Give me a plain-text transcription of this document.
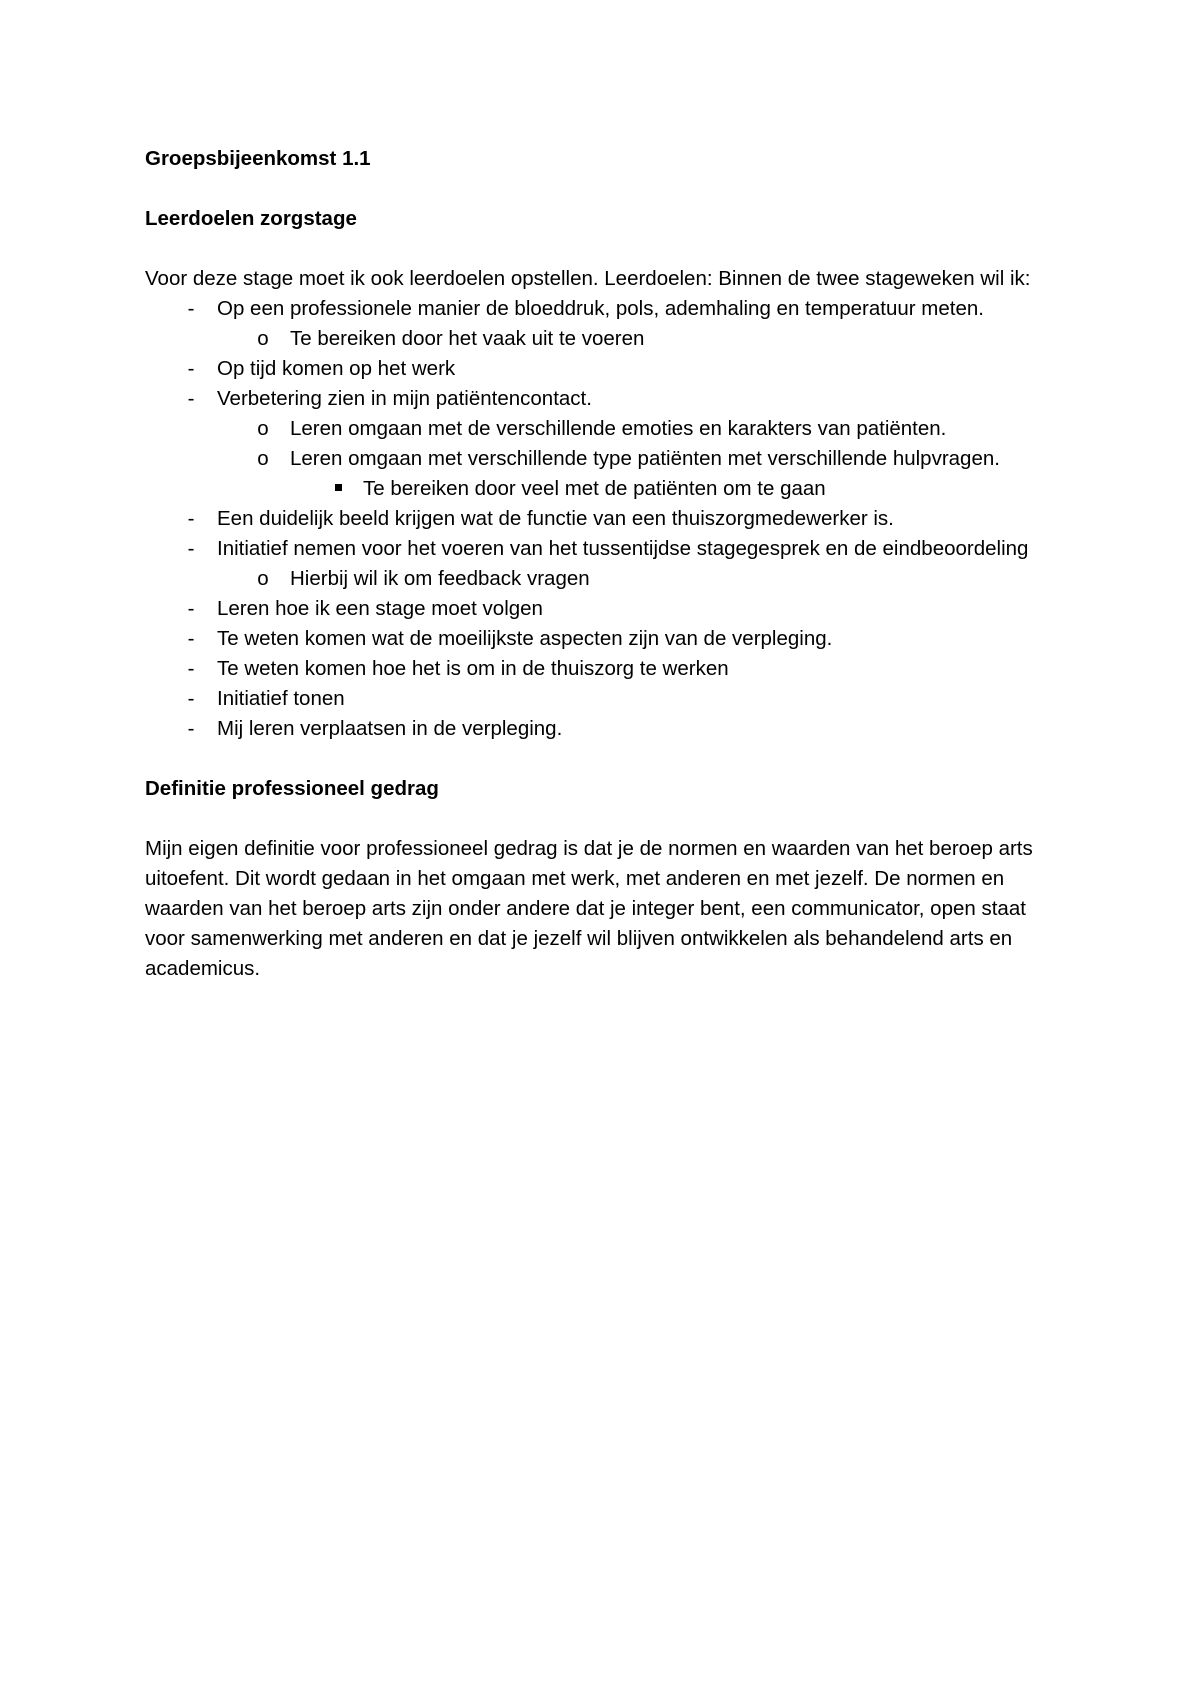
Groepsbijeenkomst 1.1

Leerdoelen zorgstage

Voor deze stage moet ik ook leerdoelen opstellen. Leerdoelen: Binnen de twee stageweken wil ik:

-	Op een professionele manier de bloeddruk, pols, ademhaling en temperatuur meten.
o Te bereiken door het vaak uit te voeren
-	Op tijd komen op het werk
-	Verbetering zien in mijn patiëntencontact.
o Leren omgaan met de verschillende emoties en karakters van patiënten.
o Leren omgaan met verschillende type patiënten met verschillende hulpvragen.
Te bereiken door veel met de patiënten om te gaan
-	Een duidelijk beeld krijgen wat de functie van een thuiszorgmedewerker is.
-	Initiatief nemen voor het voeren van het tussentijdse stagegesprek en de eindbeoordeling
o Hierbij wil ik om feedback vragen
-	Leren hoe ik een stage moet volgen
-	Te weten komen wat de moeilijkste aspecten zijn van de verpleging.
-	Te weten komen hoe het is om in de thuiszorg te werken
-	Initiatief tonen
-	Mij leren verplaatsen in de verpleging.

Definitie professioneel gedrag

Mijn eigen definitie voor professioneel gedrag is dat je de normen en waarden van het beroep arts uitoefent. Dit wordt gedaan in het omgaan met werk, met anderen en met jezelf. De normen en waarden van het beroep arts zijn onder andere dat je integer bent, een communicator, open staat voor samenwerking met anderen en dat je jezelf wil blijven ontwikkelen als behandelend arts en academicus.
